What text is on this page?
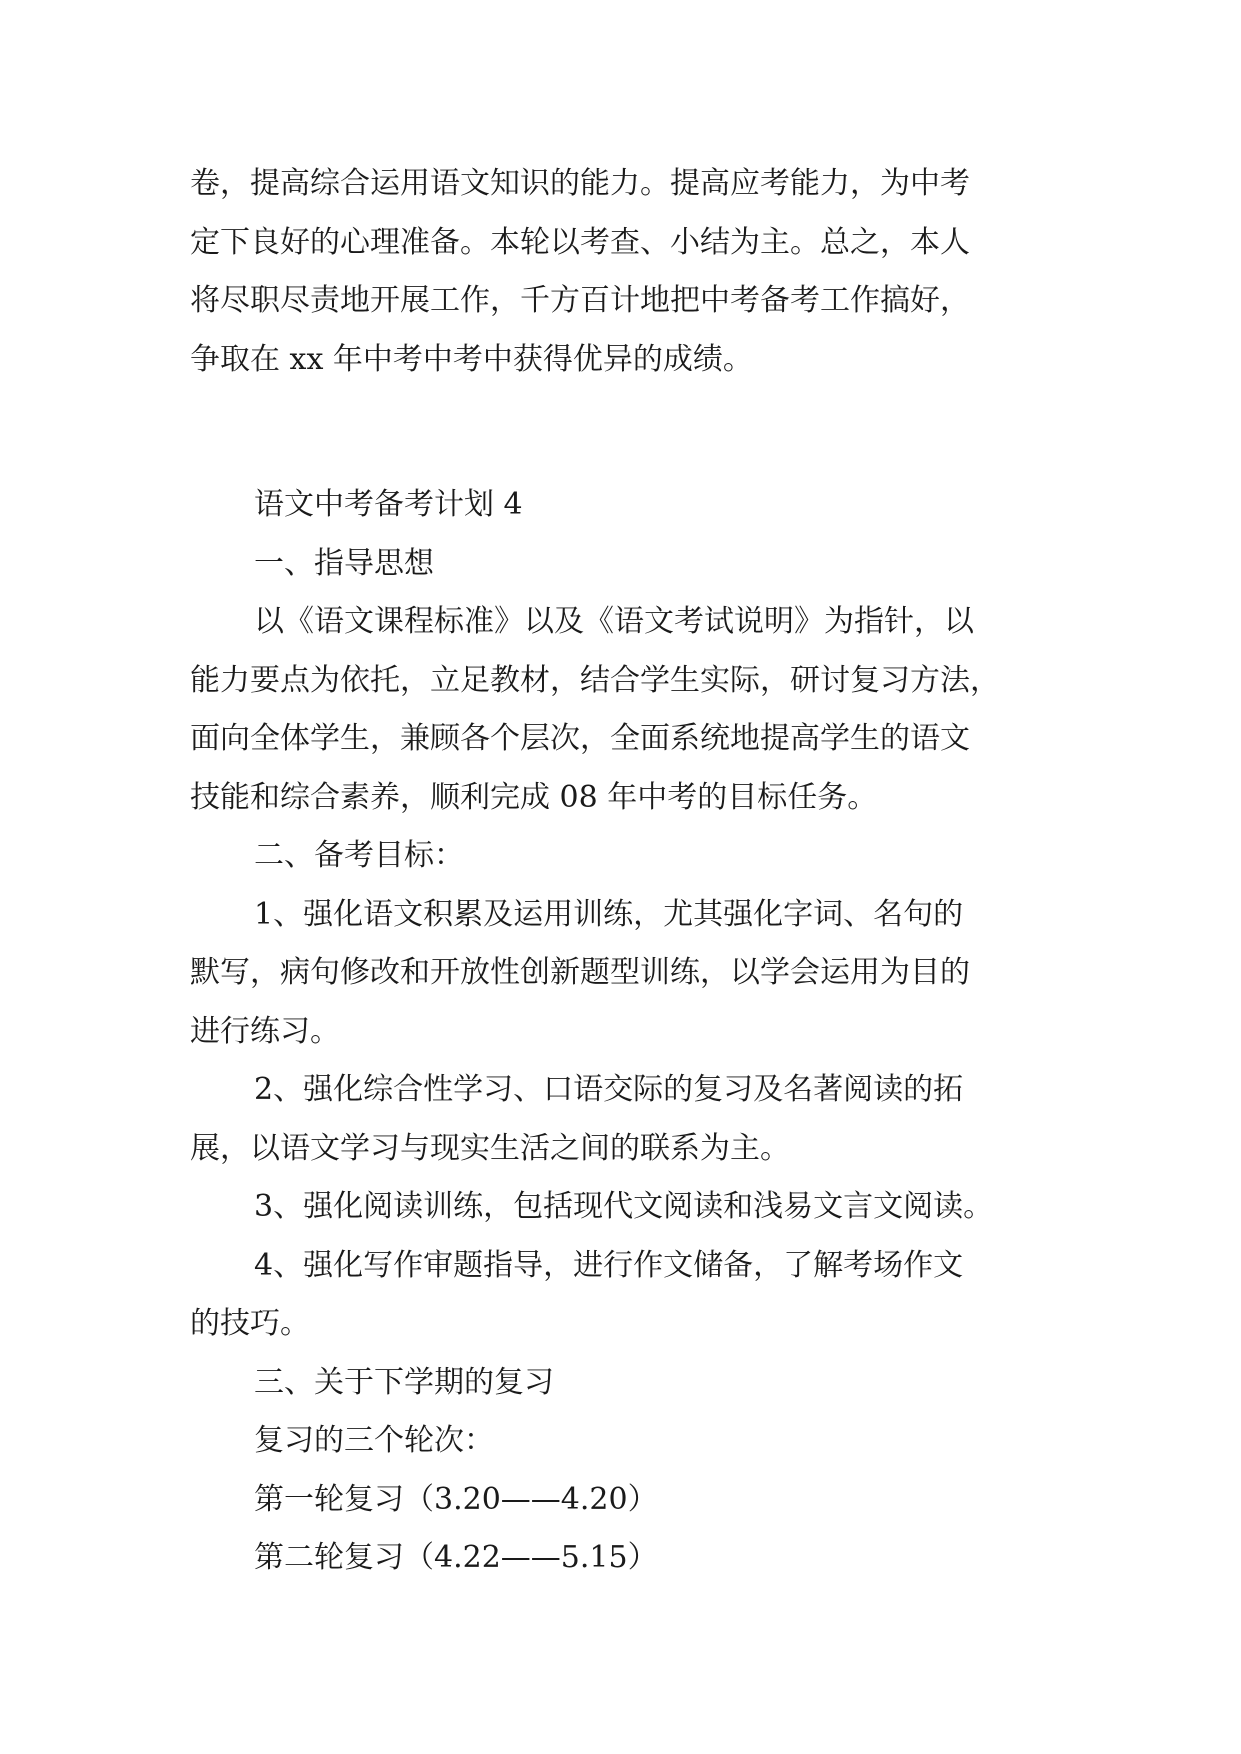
卷，提高综合运用语文知识的能力。提高应考能力，为中考
定下良好的心理准备。本轮以考查、小结为主。总之，本人
将尽职尽责地开展工作，千方百计地把中考备考工作搞好，
争取在 xx 年中考中考中获得优异的成绩。
语文中考备考计划 4
一、指导思想
以《语文课程标准》以及《语文考试说明》为指针，以
能力要点为依托，立足教材，结合学生实际，研讨复习方法，
面向全体学生，兼顾各个层次，全面系统地提高学生的语文
技能和综合素养，顺利完成 08 年中考的目标任务。
二、备考目标：
1、强化语文积累及运用训练，尤其强化字词、名句的
默写，病句修改和开放性创新题型训练，以学会运用为目的
进行练习。
2、强化综合性学习、口语交际的复习及名著阅读的拓
展，以语文学习与现实生活之间的联系为主。
3、强化阅读训练，包括现代文阅读和浅易文言文阅读。
4、强化写作审题指导，进行作文储备，了解考场作文
的技巧。
三、关于下学期的复习
复习的三个轮次：
第一轮复习（3.20——4.20）
第二轮复习（4.22——5.15）
